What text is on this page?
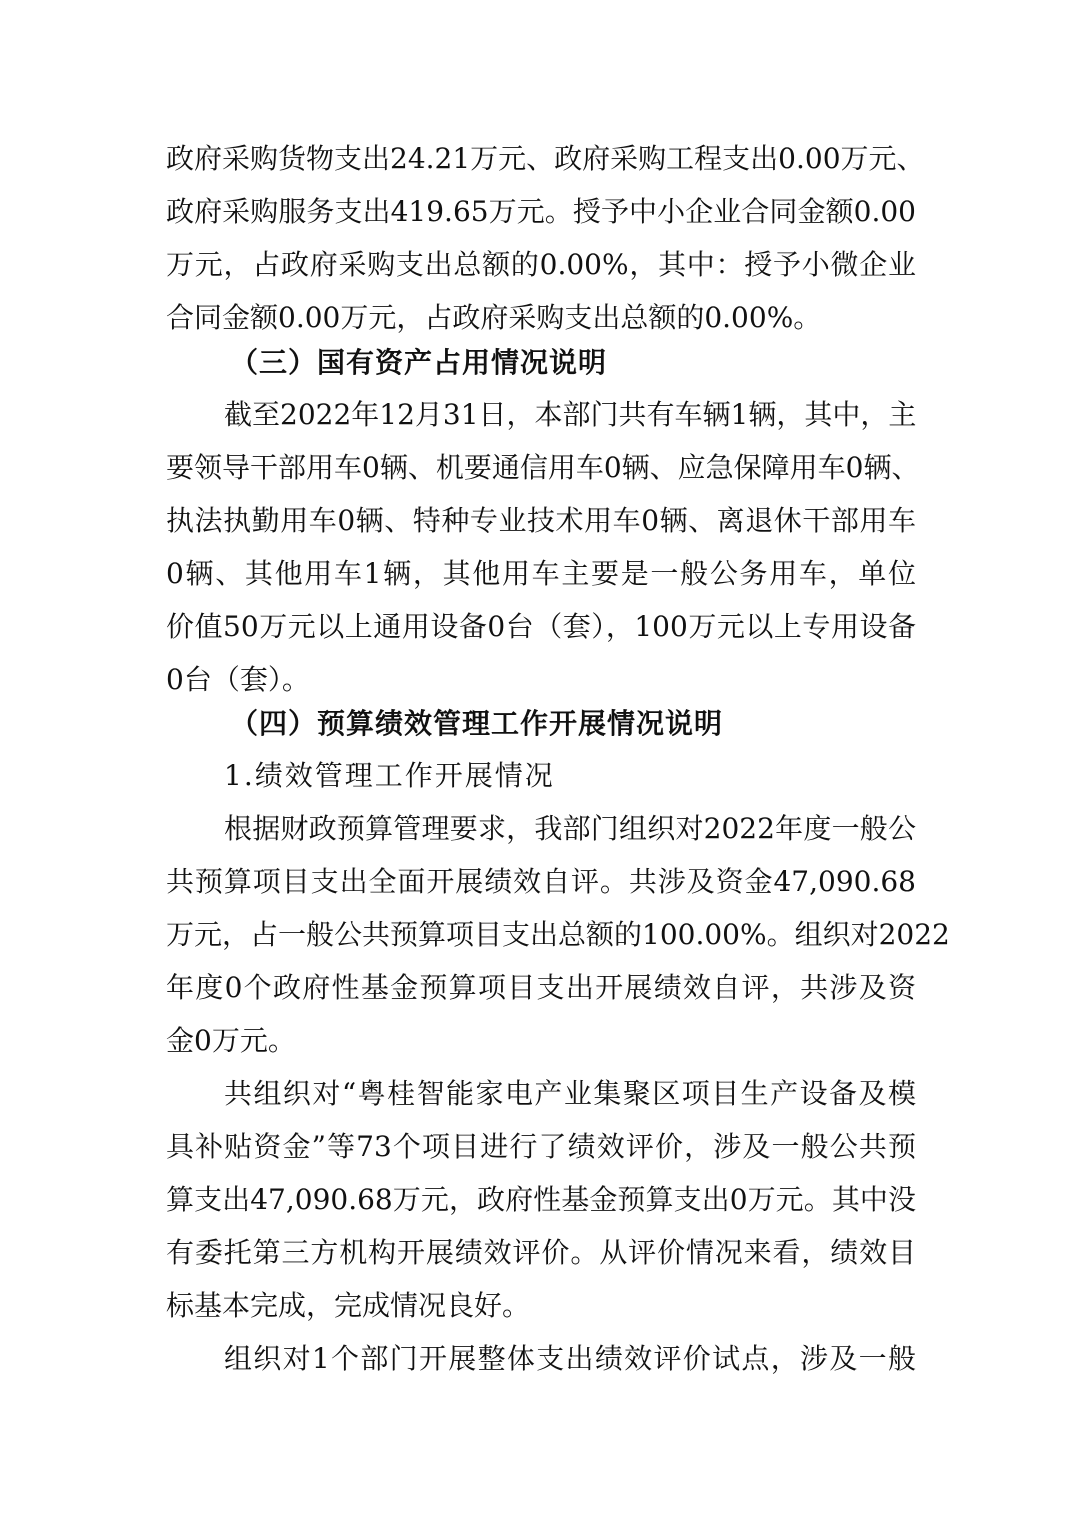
政府采购货物支出24.21万元、政府采购工程支出0.00万元、
政府采购服务支出419.65万元。授予中小企业合同金额0.00
万元，占政府采购支出总额的0.00%，其中：授予小微企业
合同金额0.00万元，占政府采购支出总额的0.00%。
（三）国有资产占用情况说明
截至2022年12月31日，本部门共有车辆1辆，其中，主
要领导干部用车0辆、机要通信用车0辆、应急保障用车0辆、
执法执勤用车0辆、特种专业技术用车0辆、离退休干部用车
0辆、其他用车1辆，其他用车主要是一般公务用车，单位
价值50万元以上通用设备0台（套），100万元以上专用设备
0台（套）。
（四）预算绩效管理工作开展情况说明
1.绩效管理工作开展情况
根据财政预算管理要求，我部门组织对2022年度一般公
共预算项目支出全面开展绩效自评。共涉及资金47,090.68
万元，占一般公共预算项目支出总额的100.00%。组织对2022
年度0个政府性基金预算项目支出开展绩效自评，共涉及资
金0万元。
共组织对“粤桂智能家电产业集聚区项目生产设备及模
具补贴资金”等73个项目进行了绩效评价，涉及一般公共预
算支出47,090.68万元，政府性基金预算支出0万元。其中没
有委托第三方机构开展绩效评价。从评价情况来看，绩效目
标基本完成，完成情况良好。
组织对1个部门开展整体支出绩效评价试点，涉及一般
